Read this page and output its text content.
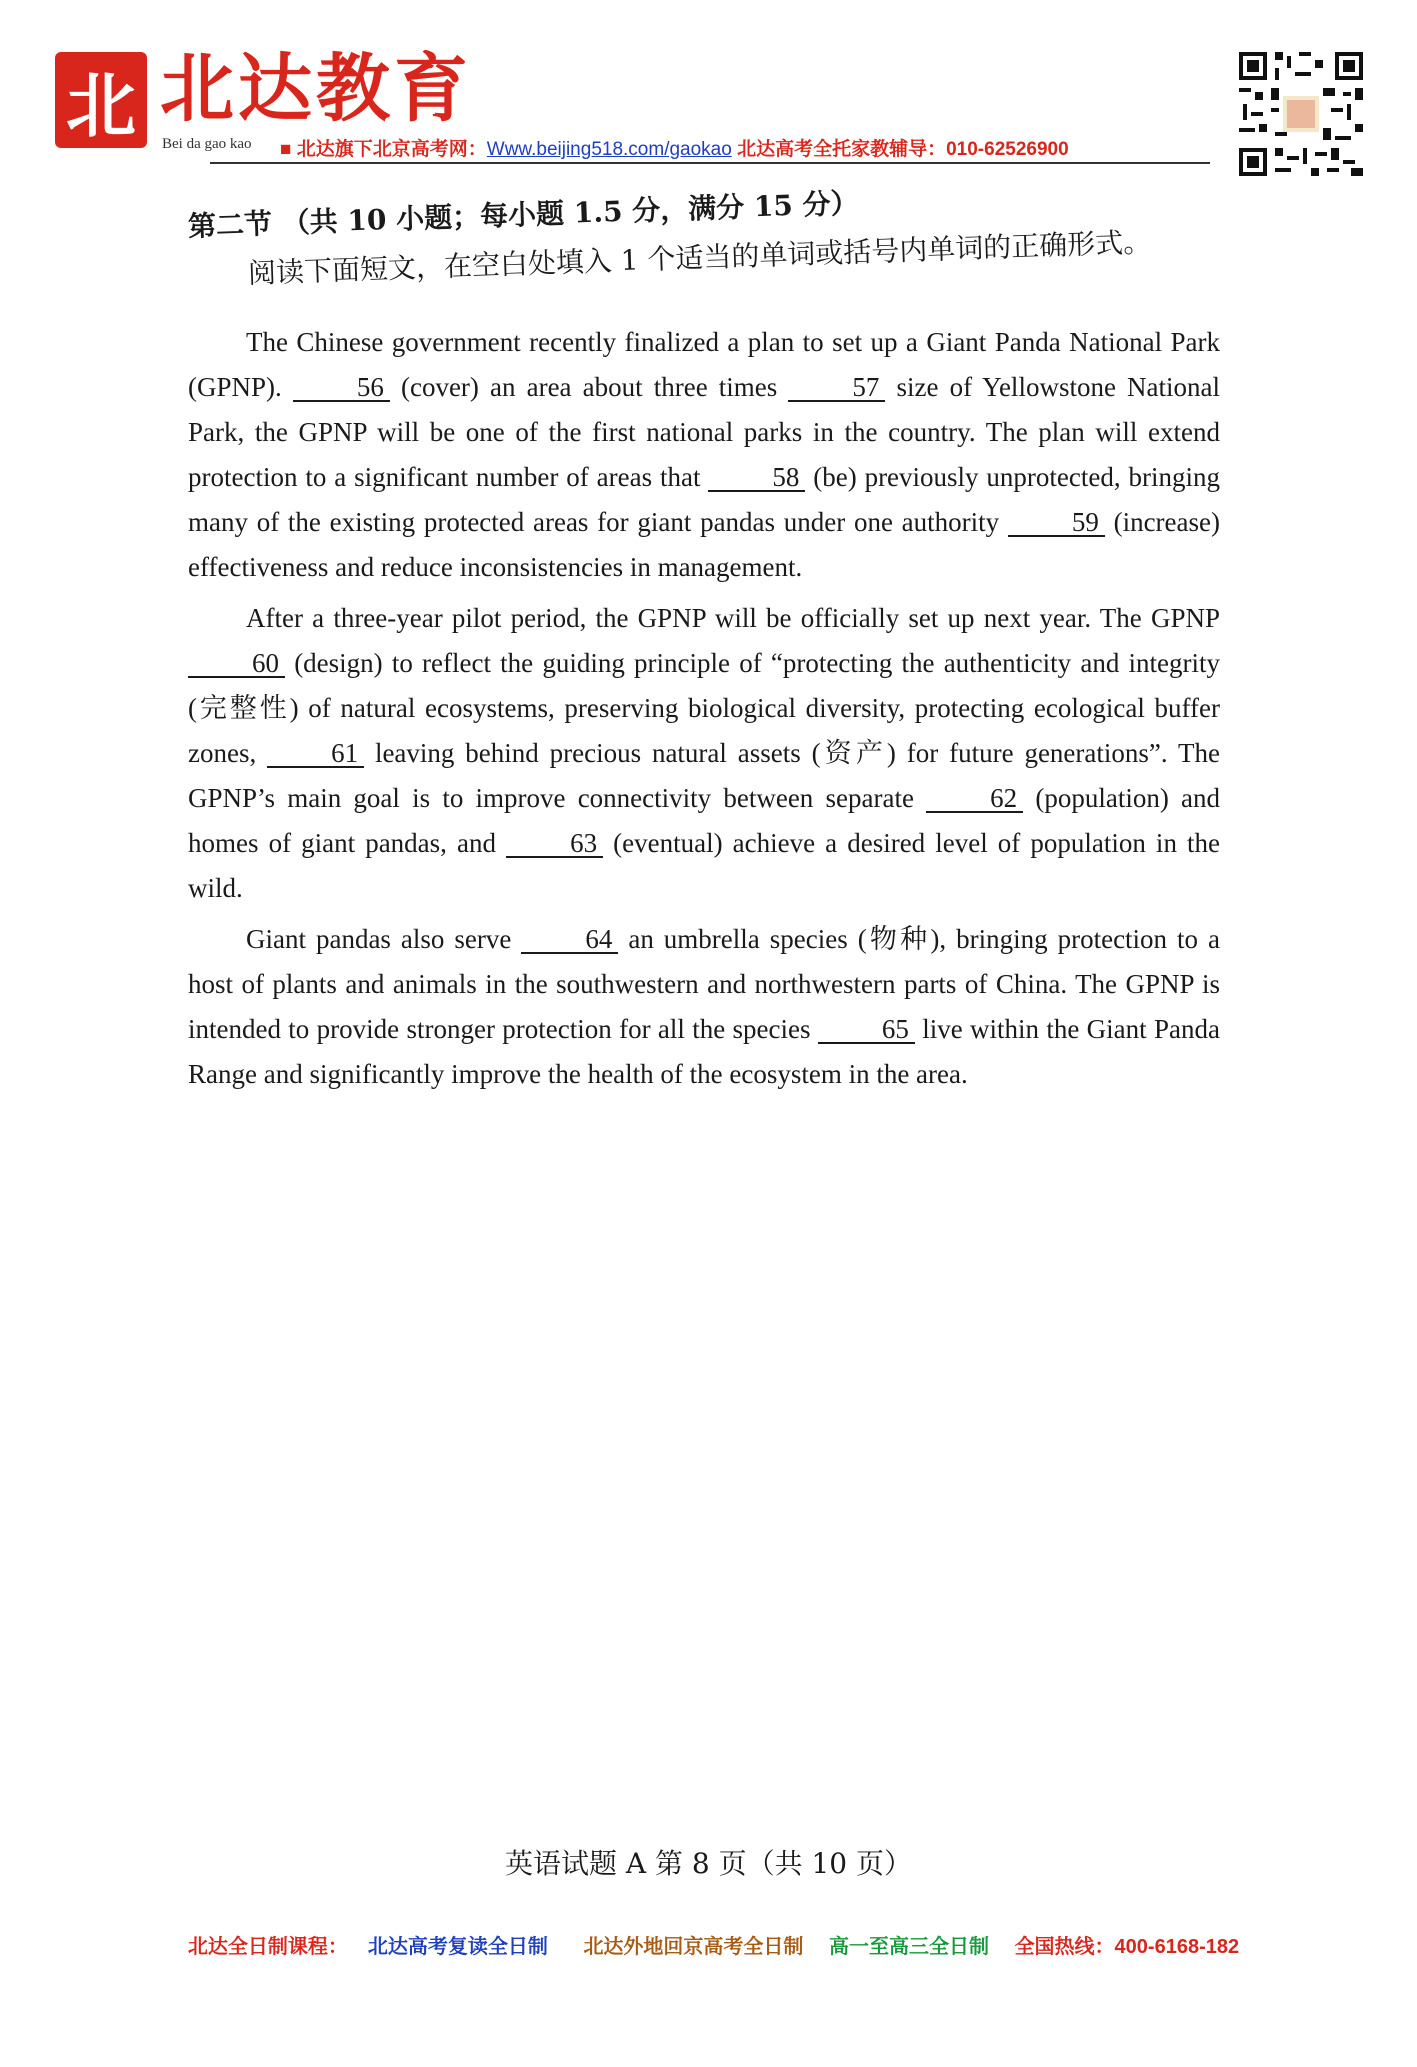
北 北达教育
Bei da gao kao ■ 北达旗下北京高考网：Www.beijing518.com/gaokao 北达高考全托家教辅导：010-62526900
第二节 （共 10 小题；每小题 1.5 分，满分 15 分）
阅读下面短文，在空白处填入 1 个适当的单词或括号内单词的正确形式。

The Chinese government recently finalized a plan to set up a Giant Panda National Park (GPNP). 56 (cover) an area about three times 57 size of Yellowstone National Park, the GPNP will be one of the first national parks in the country. The plan will extend protection to a significant number of areas that 58 (be) previously unprotected, bringing many of the existing protected areas for giant pandas under one authority 59 (increase) effectiveness and reduce inconsistencies in management.

After a three-year pilot period, the GPNP will be officially set up next year. The GPNP 60 (design) to reflect the guiding principle of “protecting the authenticity and integrity (完整性) of natural ecosystems, preserving biological diversity, protecting ecological buffer zones, 61 leaving behind precious natural assets (资产) for future generations”. The GPNP’s main goal is to improve connectivity between separate 62 (population) and homes of giant pandas, and 63 (eventual) achieve a desired level of population in the wild.

Giant pandas also serve 64 an umbrella species (物种), bringing protection to a host of plants and animals in the southwestern and northwestern parts of China. The GPNP is intended to provide stronger protection for all the species 65 live within the Giant Panda Range and significantly improve the health of the ecosystem in the area.

英语试题 A 第 8 页（共 10 页）
北达全日制课程： 北达高考复读全日制 北达外地回京高考全日制 高一至高三全日制 全国热线：400-6168-182
